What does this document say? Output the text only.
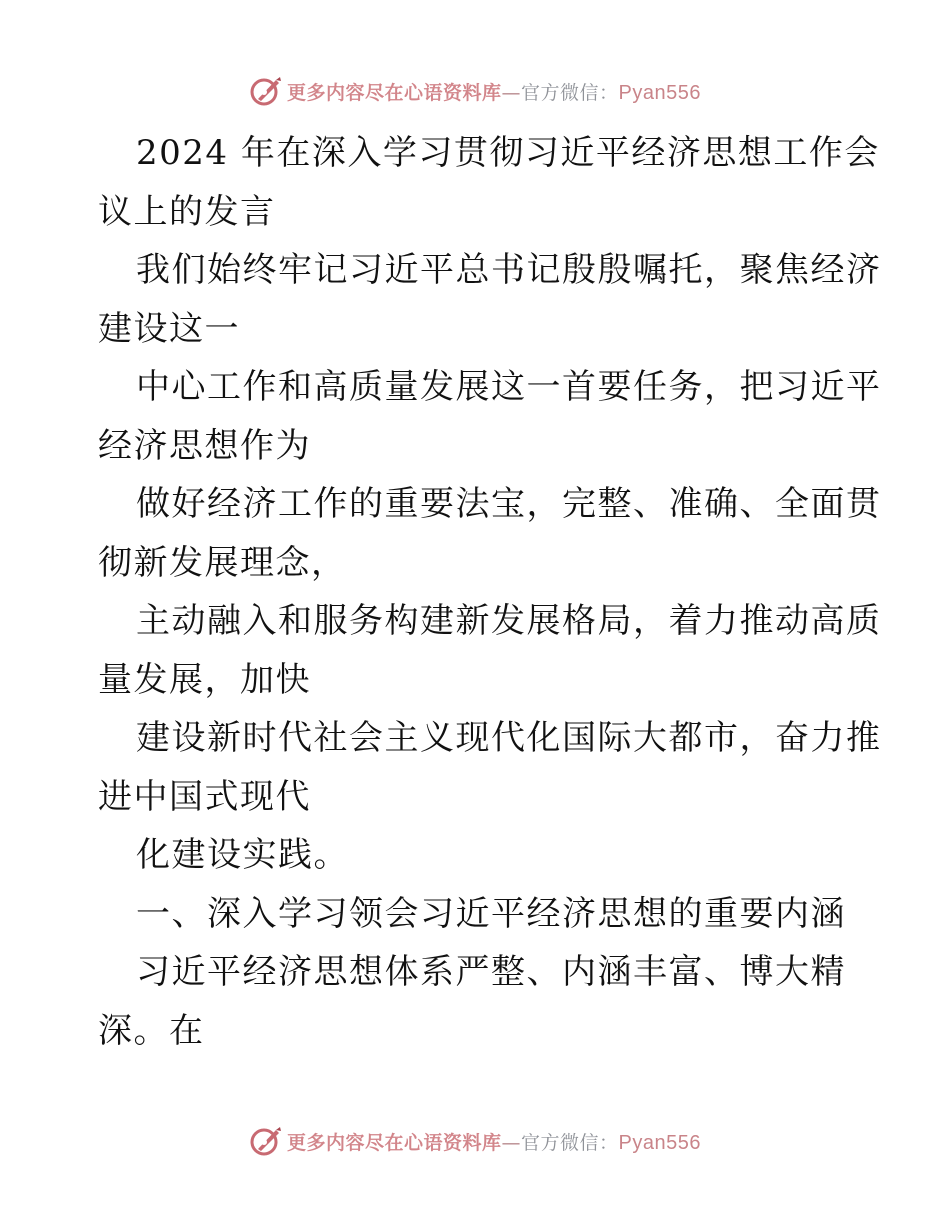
更多内容尽在心语资料库—官方微信：Pyan556
2024 年在深入学习贯彻习近平经济思想工作会
议上的发言
我们始终牢记习近平总书记殷殷嘱托，聚焦经济
建设这一
中心工作和高质量发展这一首要任务，把习近平
经济思想作为
做好经济工作的重要法宝，完整、准确、全面贯
彻新发展理念，
主动融入和服务构建新发展格局，着力推动高质
量发展，加快
建设新时代社会主义现代化国际大都市，奋力推
进中国式现代
化建设实践。
一、深入学习领会习近平经济思想的重要内涵
习近平经济思想体系严整、内涵丰富、博大精
深。在
更多内容尽在心语资料库—官方微信：Pyan556
